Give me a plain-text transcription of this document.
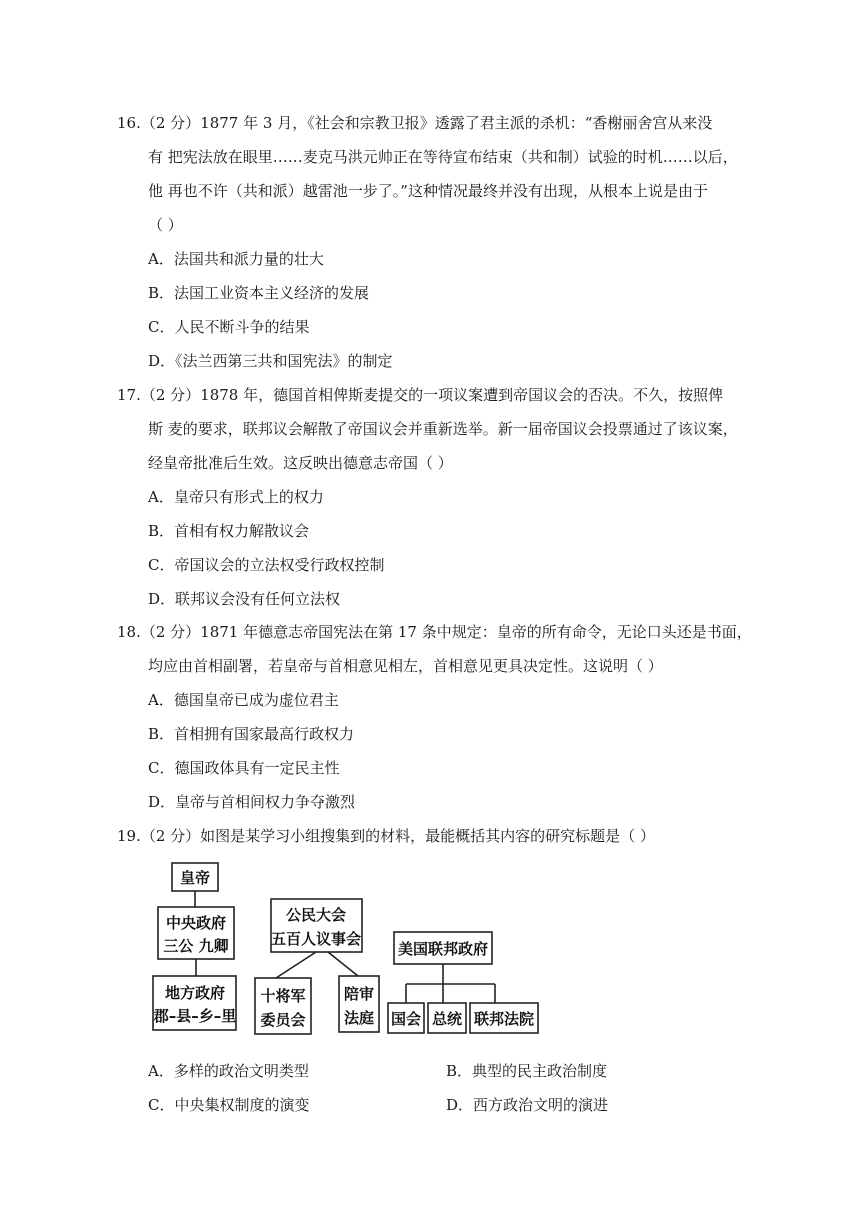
16.（2 分）1877 年 3 月，《社会和宗教卫报》透露了君主派的杀机：“香榭丽舍宫从来没
有 把宪法放在眼里……麦克马洪元帅正在等待宣布结束（共和制）试验的时机……以后，
他 再也不许（共和派）越雷池一步了。”这种情况最终并没有出现，从根本上说是由于
（ ）
A．法国共和派力量的壮大
B．法国工业资本主义经济的发展
C．人民不断斗争的结果
D．《法兰西第三共和国宪法》的制定
17.（2 分）1878 年，德国首相俾斯麦提交的一项议案遭到帝国议会的否决。不久，按照俾
斯 麦的要求，联邦议会解散了帝国议会并重新选举。新一届帝国议会投票通过了该议案，
经皇帝批准后生效。这反映出德意志帝国（ ）
A．皇帝只有形式上的权力
B．首相有权力解散议会
C．帝国议会的立法权受行政权控制
D．联邦议会没有任何立法权
18.（2 分）1871 年德意志帝国宪法在第 17 条中规定：皇帝的所有命令，无论口头还是书面，
均应由首相副署，若皇帝与首相意见相左，首相意见更具决定性。这说明（ ）
A．德国皇帝已成为虚位君主
B．首相拥有国家最高行政权力
C．德国政体具有一定民主性
D．皇帝与首相间权力争夺激烈
19.（2 分）如图是某学习小组搜集到的材料，最能概括其内容的研究标题是（ ）
皇帝
中央政府
三公 九卿
地方政府
郡–县–乡–里
公民大会
五百人议事会
十将军
委员会
陪审
法庭
美国联邦政府
国会 总统 联邦法院
A．多样的政治文明类型	B．典型的民主政治制度
C．中央集权制度的演变	D．西方政治文明的演进
